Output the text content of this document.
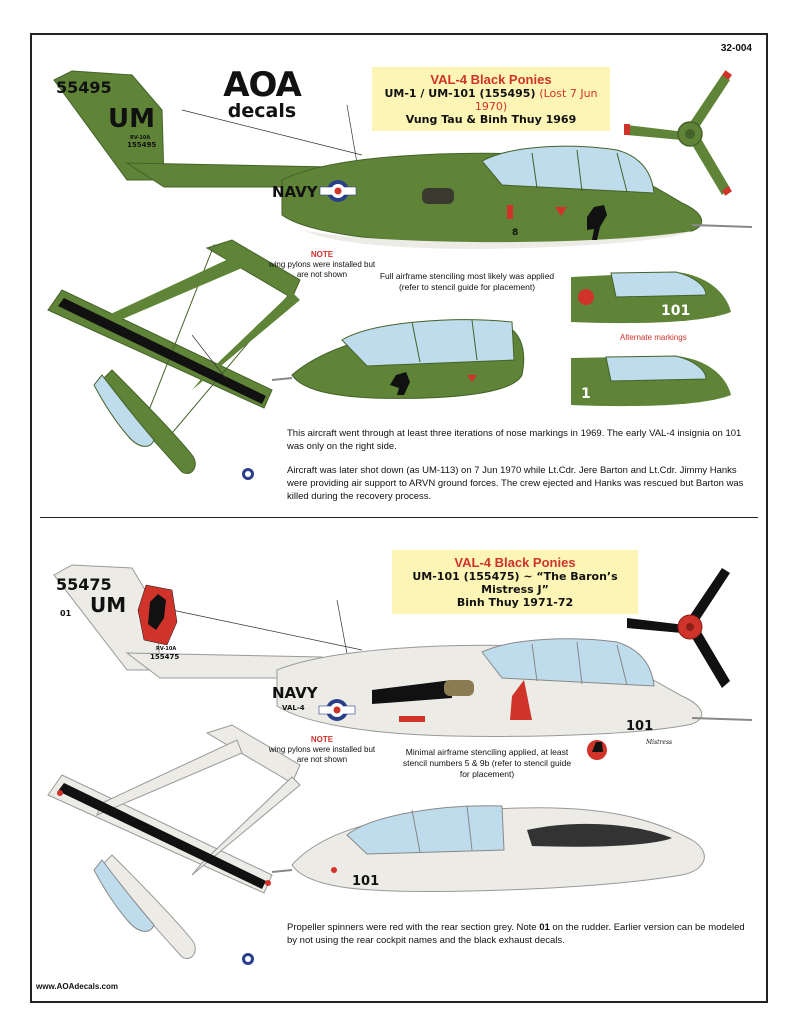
32-004
AOA
decals
VAL-4 Black Ponies
UM-1 / UM-101 (155495) (Lost 7 Jun 1970)
Vung Tau & Binh Thuy 1969
55495
UM
RV-10A
155495
NAVY
8
NOTE
wing pylons were installed but are not shown	Full airframe stenciling most likely was applied (refer to stencil guide for placement)
101
Alternate markings
1

This aircraft went through at least three iterations of nose markings in 1969. The early VAL-4 insignia on 101 was only on the right side.

Aircraft was later shot down (as UM-113) on 7 Jun 1970 while Lt.Cdr. Jere Barton and Lt.Cdr. Jimmy Hanks were providing air support to ARVN ground forces. The crew ejected and Hanks was rescued but Barton was killed during the recovery process.

VAL-4 Black Ponies
UM-101 (155475) ~ “The Baron’s Mistress J”
Binh Thuy 1971-72
55475
UM
01
RV-10A
155475
NAVY
VAL-4
101
Mistress
NOTE
wing pylons were installed but are not shown
Minimal airframe stenciling applied, at least stencil numbers 5 & 9b (refer to stencil guide for placement)
101

Propeller spinners were red with the rear section grey. Note 01 on the rudder. Earlier version can be modeled by not using the rear cockpit names and the black exhaust decals.

www.AOAdecals.com
